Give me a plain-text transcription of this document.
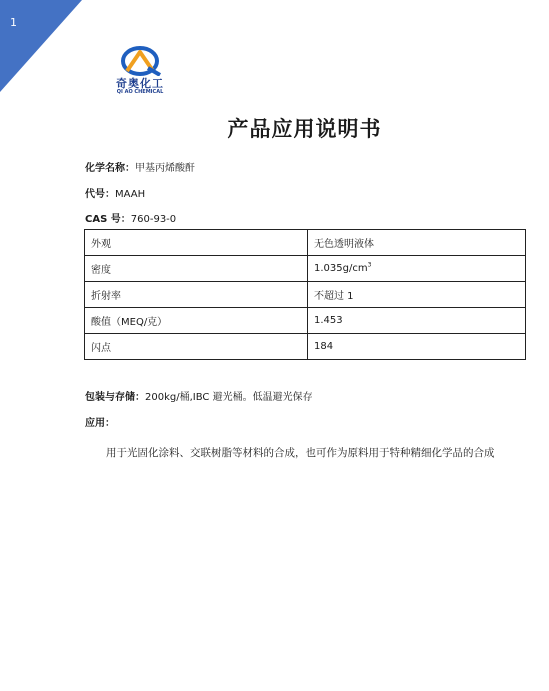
1
奇奥化工
QI AO CHEMICAL
产品应用说明书
化学名称：甲基丙烯酸酐
代号：MAAH
CAS 号：760-93-0
外观	无色透明液体
密度	$1.035g/cm^3$
折射率	不超过 1
酸值（MEQ/克）	1.453
闪点	184
包装与存储：200kg/桶,IBC 避光桶。低温避光保存
应用：
用于光固化涂料、交联树脂等材料的合成，也可作为原料用于特种精细化学品的合成
